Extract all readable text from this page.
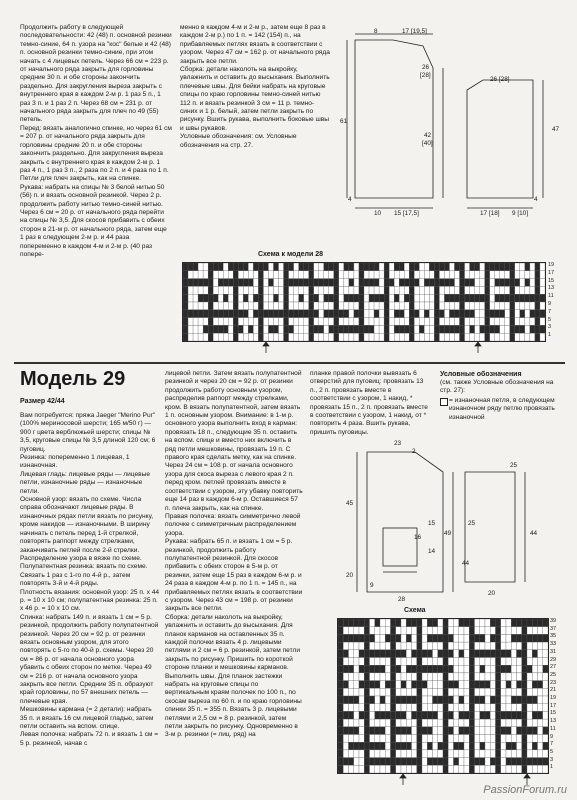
Продолжить работу в следующей последовательности: 42 (48) п. основной резинки темно-синие, 64 п. узора на "кос" белые и 42 (48) п. основной резинки темно-синие, при этом начать с 4 лицевых петель. Через 66 см = 223 р. от начального ряда закрыть для горловины средние 30 п. и обе стороны закончить раздельно. Для закругления выреза закрыть с внутреннего края в каждом 2-м р. 1 раз 5 п., 1 раз 3 п. и 1 раз 2 п. Через 68 см = 231 р. от начального ряда закрыть для плеч по 49 (55) петель.
Перед: вязать аналогично спинке, но через 61 см = 207 р. от начального ряда закрыть для горловины средние 20 п. и обе стороны закончить раздельно. Для закругления выреза закрыть с внутреннего края в каждом 2-м р. 1 раз 4 п., 1 раз 3 п., 2 раза по 2 п. и 4 раза по 1 п. Петли для плеч закрыть, как на спинке.
Рукава: набрать на спицы № 3 белой нитью 50 (56) п. и вязать основной резинкой. Через 2 р. продолжить работу нитью темно-синей нитью. Через 6 см = 20 р. от начального ряда перейти на спицы № 3,5. Для скосов прибавить с обеих сторон в 21-м р. от начального ряда, затем еще 1 раз в следующем 2-м р. и 44 раза попеременно в каждом 4-м и 2-м р. (40 раз попере-
менно в каждом 4-м и 2-м р., затем еще 8 раз в каждом 2-м р.) по 1 п. = 142 (154) п., на прибавляемых петлях вязать в соответствии с узором. Через 47 см = 162 р. от начального ряда закрыть все петли.
Сборка: детали наколоть на выкройку, увлажнить и оставить до высыхания. Выполнить плечевые швы. Для бейки набрать на круговые спицы по краю горловины темно-синей нитью 112 п. и вязать резинкой 3 см = 11 р. темно-синих и 1 р. белый, затем петли закрыть по рисунку. Вшить рукава, выполнить боковые швы и швы рукавов.
Условные обозначения: см. Условные обозначения на стр. 27.
8	17 [19,5]
26
[28]
61
42
[40]
10 15 [17,5]
4
26 [28]
47
17 [18] 9 [10]
4
Схема к модели 28
19
17
15
13
11
9
7
5
3
1
Модель 29
Размер 42/44
Вам потребуется: пряжа Jaeger "Merino Pur" (100% мериносовой шерсти; 165 м/50 г) — 900 г цвета верблюжьей шерсти; спицы № 3,5, круговые спицы № 3,5 длиной 120 см; 6 пуговиц.
Резинка: попеременно 1 лицевая, 1 изнаночная.
Лицевая гладь: лицевые ряды — лицевые петли, изнаночные ряды — изнаночные петли.
Основной узор: вязать по схеме. Числа справа обозначают лицевые ряды. В изнаночных рядах петли вязать по рисунку, кроме накидов — изнаночными. В ширину начинать с петель перед 1-й стрелкой, повторять раппорт между стрелками, заканчивать петлей после 2-й стрелки. Распределение узора в вязке по схеме.
Полупатентная резинка: вязать по схеме. Связать 1 раз с 1-го по 4-й р., затем повторять 3-й и 4-й ряды.
Плотность вязания: основной узор: 25 п. х 44 р. = 10 х 10 см; полупатентная резинка: 25 п. х 46 р. = 10 х 10 см.
Спинка: набрать 149 п. и вязать 1 см = 5 р. резинкой, продолжить работу полупатентной резинкой. Через 20 см = 92 р. от резинки вязать основным узором, для этого повторять с 5-го по 40-й р. схемы. Через 20 см = 86 р. от начала основного узора убавить с обеих сторон по метке. Через 49 см = 216 р. от начала основного узора закрыть все петли. Средние 35 п. образуют край горловины, по 57 внешних петель — плечевые края.
Мешковины кармана (= 2 детали): набрать 35 п. и вязать 16 см лицевой гладью, затем петли оставить на вспом. спице.
Левая полочка: набрать 72 п. и вязать 1 см = 5 р. резинкой, начав с
лицевой петли. Затем вязать полупатентной резинкой и через 20 см = 92 р. от резинки продолжить работу основным узором, распределив раппорт между стрелками, кром. В вязать полупатентной, затем вязать 1 п. основным узором. Внимание: в 1-м р. основного узора выполнить вход в карман: провязать 18 п., следующие 35 п. оставить на вспом. спице и вместо них включить в ряд петли мешковины, провязать 19 п. С правого края сделать метку, как на спинке. Через 24 см = 108 р. от начала основного узора для скоса выреза с левого края 2 п. перед кром. петлей провязать вместе в соответствии с узором, эту убавку повторить еще 14 раз в каждом 6-м р. Оставшиеся 57 п. плеча закрыть, как на спинке.
Правая полочка: вязать симметрично левой полочке с симметричным распределением узора.
Рукава: набрать 65 п. и вязать 1 см = 5 р. резинкой, продолжить работу полупатентной резинкой. Для скосов прибавить с обеих сторон в 5-м р. от резинки, затем еще 15 раз в каждом 6-м р. и 24 раза в каждом 4-м р. по 1 п. = 145 п., на прибавляемых петлях вязать в соответствии с узором. Через 43 см = 198 р. от резинки закрыть все петли.
Сборка: детали наколоть на выкройку, увлажнить и оставить до высыхания. Для планок карманов на оставленных 35 п. каждой полочки вязать 4 р. лицевыми петлями и 2 см = 6 р. резинкой, затем петли закрыть по рисунку. Пришить по короткой стороне планки и мешковины карманов. Выполнить швы. Для планок застежки набрать на круговые спицы по вертикальным краям полочек по 100 п., по скосам выреза по 60 п. и по краю горловины спинки 35 п. = 355 п. Вязать 3 р. лицевыми петлями и 2,5 см = 8 р. резинкой, затем петли закрыть по рисунку. Одновременно в 3-м р. резинки (= лиц. ряд) на
планке правой полочки вывязать 6 отверстий для пуговиц: провязать 13 п., 2 п. провязать вместе в соответствии с узором, 1 накид, * провязать 15 п., 2 п. провязать вместе в соответствии с узором, 1 накид, от * повторить 4 раза. Вшить рукава, пришить пуговицы.
Условные обозначения
(см. также Условные обозначения на стр. 27):
= изнаночная петля, в следующем изнаночном ряду петлю провязать изнаночной
23
2
25
15
16
14
20
9
28
25
45
44
49
44
20
Схема
39
37
35
33
31
29
27
25
23
21
19
17
15
13
11
9
7
5
3
1
PassionForum.ru
